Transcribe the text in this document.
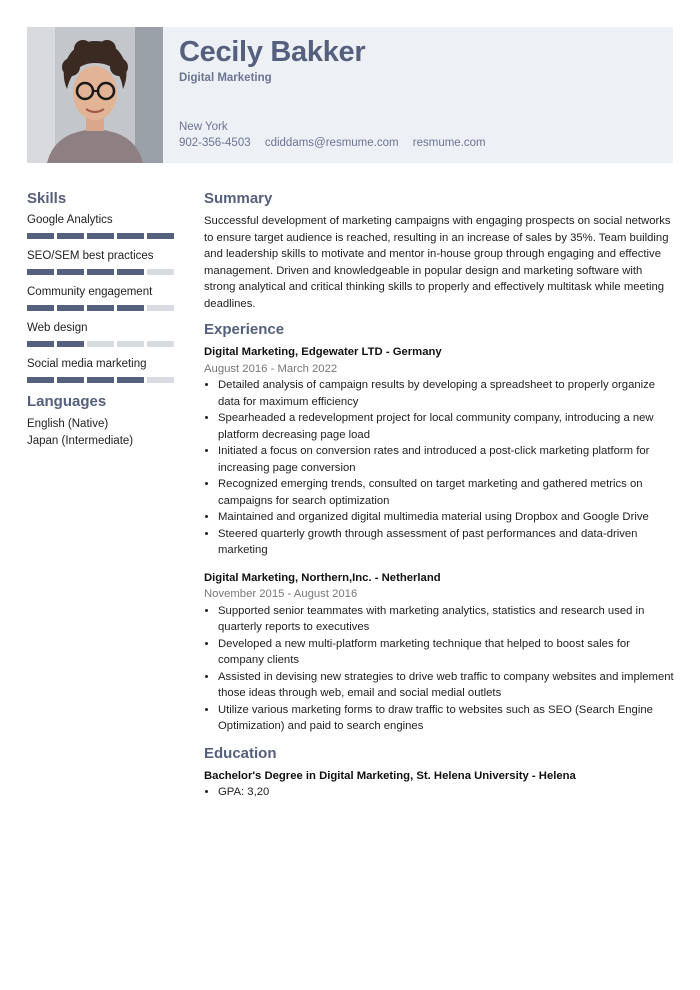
Cecily Bakker
Digital Marketing
New York
902-356-4503 cdiddams@resmume.com resmume.com
Skills
Google Analytics
SEO/SEM best practices
Community engagement
Web design
Social media marketing
Languages
English (Native)
Japan (Intermediate)
Summary

Successful development of marketing campaigns with engaging prospects on social networks to ensure target audience is reached, resulting in an increase of sales by 35%. Team building and leadership skills to motivate and mentor in-house group through engaging and effective management. Driven and knowledgeable in popular design and marketing software with strong analytical and critical thinking skills to properly and effectively multitask while meeting deadlines.

Experience
Digital Marketing, Edgewater LTD - Germany
August 2016 - March 2022
• Detailed analysis of campaign results by developing a spreadsheet to properly organize data for maximum efficiency
• Spearheaded a redevelopment project for local community company, introducing a new platform decreasing page load
• Initiated a focus on conversion rates and introduced a post-click marketing platform for increasing page conversion
• Recognized emerging trends, consulted on target marketing and gathered metrics on campaigns for search optimization
• Maintained and organized digital multimedia material using Dropbox and Google Drive
• Steered quarterly growth through assessment of past performances and data-driven marketing
Digital Marketing, Northern,Inc. - Netherland
November 2015 - August 2016
• Supported senior teammates with marketing analytics, statistics and research used in quarterly reports to executives
• Developed a new multi-platform marketing technique that helped to boost sales for company clients
• Assisted in devising new strategies to drive web traffic to company websites and implement those ideas through web, email and social medial outlets
• Utilize various marketing forms to draw traffic to websites such as SEO (Search Engine Optimization) and paid to search engines
Education
Bachelor's Degree in Digital Marketing, St. Helena University - Helena
• GPA: 3,20
